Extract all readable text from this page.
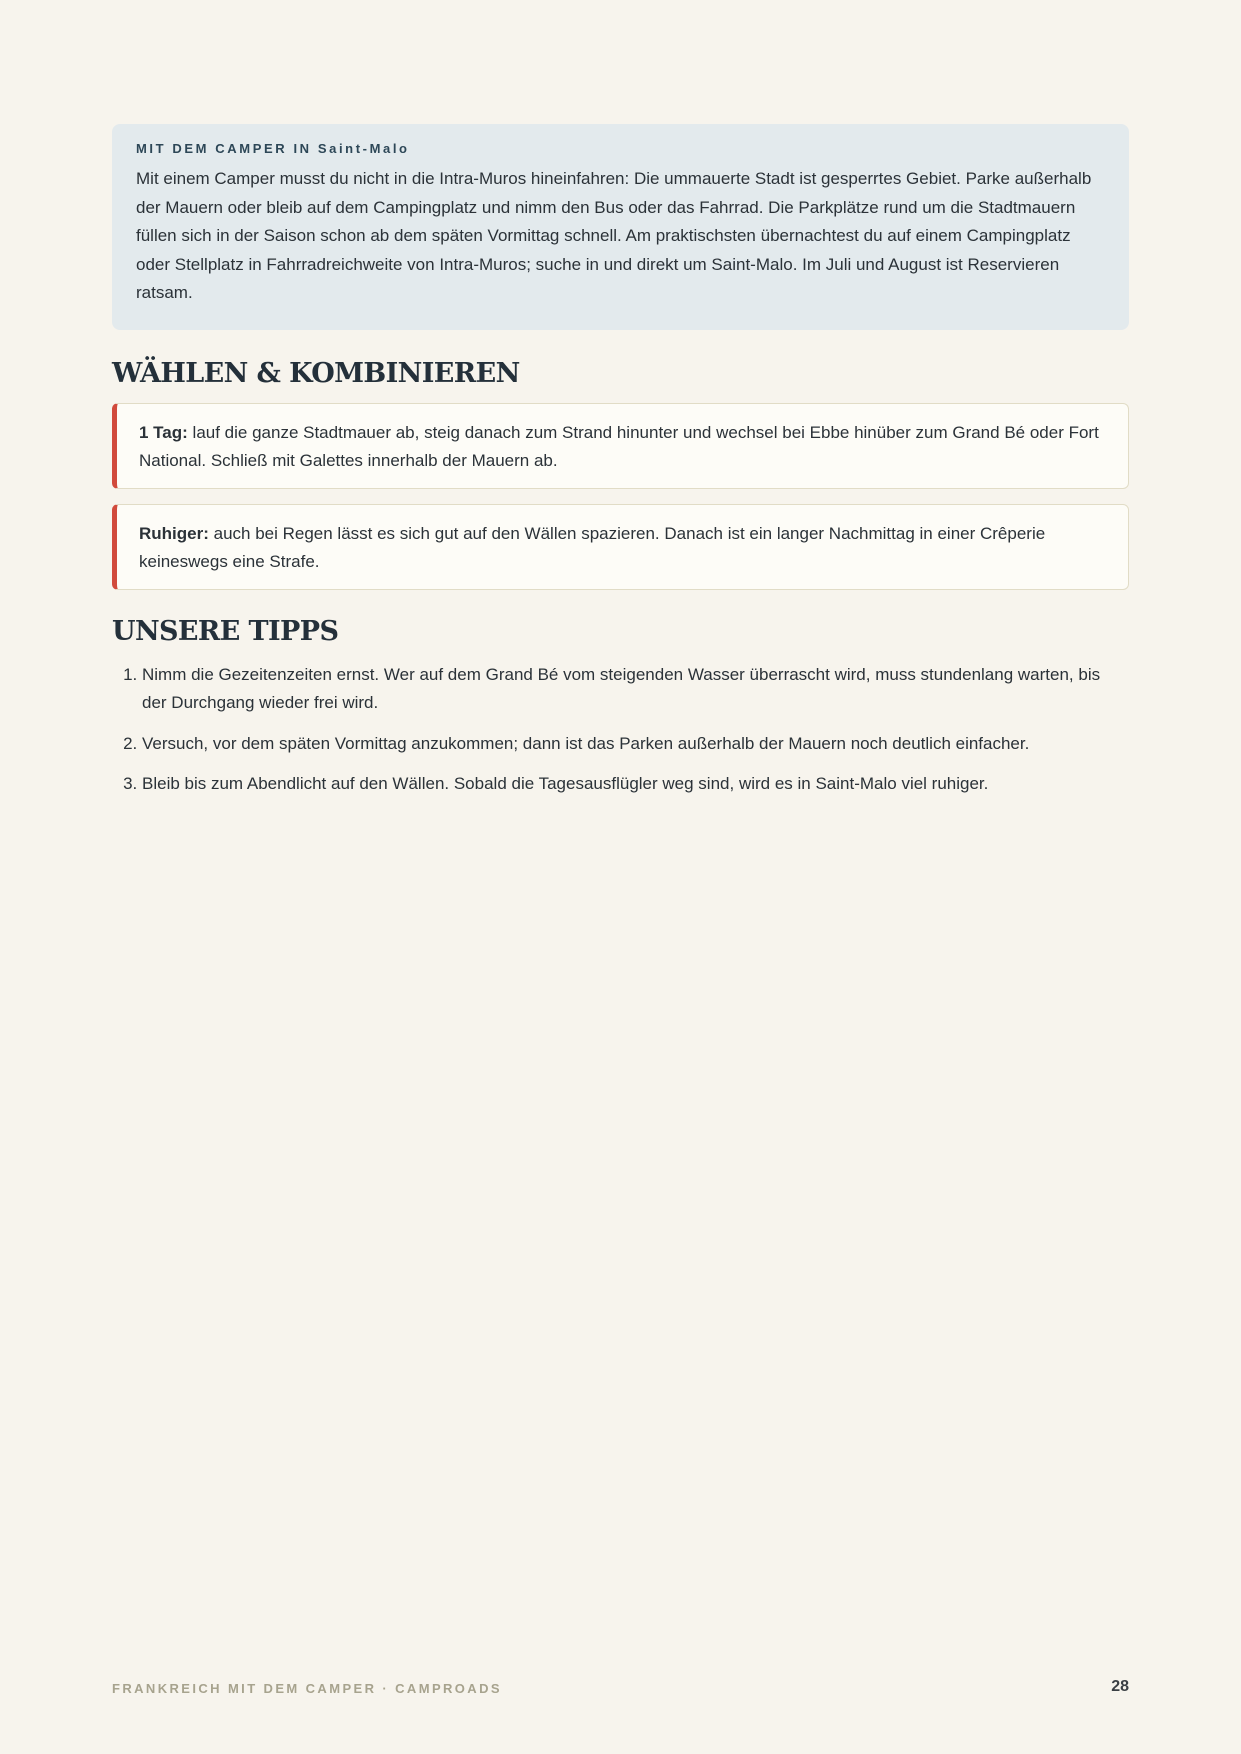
MIT DEM CAMPER IN Saint-Malo

Mit einem Camper musst du nicht in die Intra-Muros hineinfahren: Die ummauerte Stadt ist gesperrtes Gebiet. Parke außerhalb der Mauern oder bleib auf dem Campingplatz und nimm den Bus oder das Fahrrad. Die Parkplätze rund um die Stadtmauern füllen sich in der Saison schon ab dem späten Vormittag schnell. Am praktischsten übernachtest du auf einem Campingplatz oder Stellplatz in Fahrradreichweite von Intra-Muros; suche in und direkt um Saint-Malo. Im Juli und August ist Reservieren ratsam.

WÄHLEN & KOMBINIEREN
1 Tag: lauf die ganze Stadtmauer ab, steig danach zum Strand hinunter und wechsel bei Ebbe hinüber zum Grand Bé oder Fort National. Schließ mit Galettes innerhalb der Mauern ab.
Ruhiger: auch bei Regen lässt es sich gut auf den Wällen spazieren. Danach ist ein langer Nachmittag in einer Crêperie keineswegs eine Strafe.
UNSERE TIPPS
1. Nimm die Gezeitenzeiten ernst. Wer auf dem Grand Bé vom steigenden Wasser überrascht wird, muss stundenlang warten, bis der Durchgang wieder frei wird.
2. Versuch, vor dem späten Vormittag anzukommen; dann ist das Parken außerhalb der Mauern noch deutlich einfacher.
3. Bleib bis zum Abendlicht auf den Wällen. Sobald die Tagesausflügler weg sind, wird es in Saint-Malo viel ruhiger.
FRANKREICH MIT DEM CAMPER · CAMPROADS	28
